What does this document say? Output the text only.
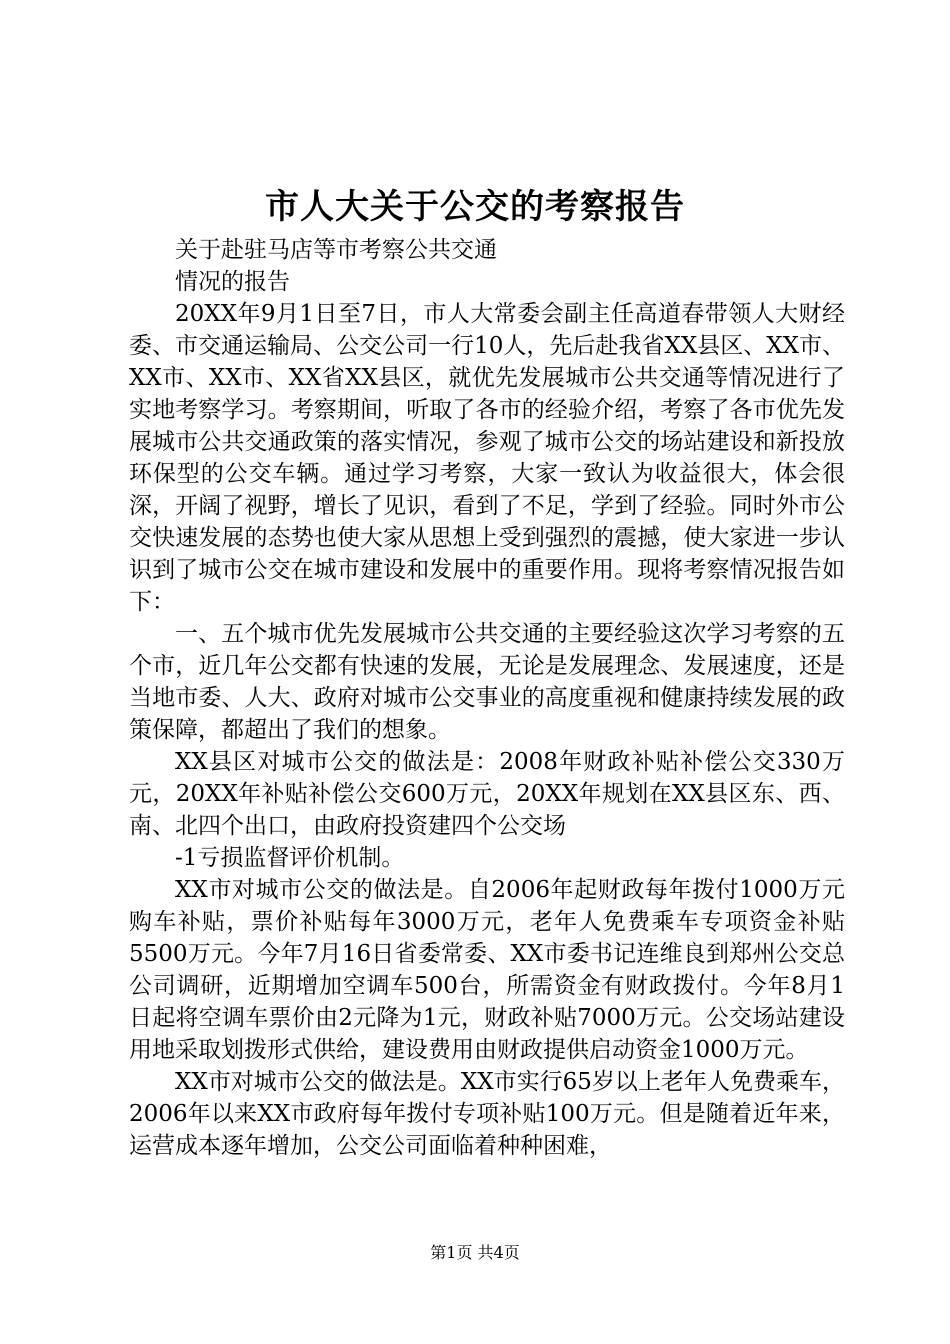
市人大关于公交的考察报告

关于赴驻马店等市考察公共交通

情况的报告

20XX年9月1日至7日，市人大常委会副主任高道春带领人大财经委、市交通运输局、公交公司一行10人，先后赴我省XX县区、XX市、XX市、XX市、XX省XX县区，就优先发展城市公共交通等情况进行了实地考察学习。考察期间，听取了各市的经验介绍，考察了各市优先发展城市公共交通政策的落实情况，参观了城市公交的场站建设和新投放环保型的公交车辆。通过学习考察，大家一致认为收益很大，体会很深，开阔了视野，增长了见识，看到了不足，学到了经验。同时外市公交快速发展的态势也使大家从思想上受到强烈的震撼，使大家进一步认识到了城市公交在城市建设和发展中的重要作用。现将考察情况报告如下：

一、五个城市优先发展城市公共交通的主要经验这次学习考察的五个市，近几年公交都有快速的发展，无论是发展理念、发展速度，还是当地市委、人大、政府对城市公交事业的高度重视和健康持续发展的政策保障，都超出了我们的想象。

XX县区对城市公交的做法是：2008年财政补贴补偿公交330万元，20XX年补贴补偿公交600万元，20XX年规划在XX县区东、西、南、北四个出口，由政府投资建四个公交场

-1亏损监督评价机制。

XX市对城市公交的做法是。自2006年起财政每年拨付1000万元购车补贴，票价补贴每年3000万元，老年人免费乘车专项资金补贴5500万元。今年7月16日省委常委、XX市委书记连维良到郑州公交总公司调研，近期增加空调车500台，所需资金有财政拨付。今年8月1日起将空调车票价由2元降为1元，财政补贴7000万元。公交场站建设用地采取划拨形式供给，建设费用由财政提供启动资金1000万元。

XX市对城市公交的做法是。XX市实行65岁以上老年人免费乘车，2006年以来XX市政府每年拨付专项补贴100万元。但是随着近年来，运营成本逐年增加，公交公司面临着种种困难，

第1页 共4页
